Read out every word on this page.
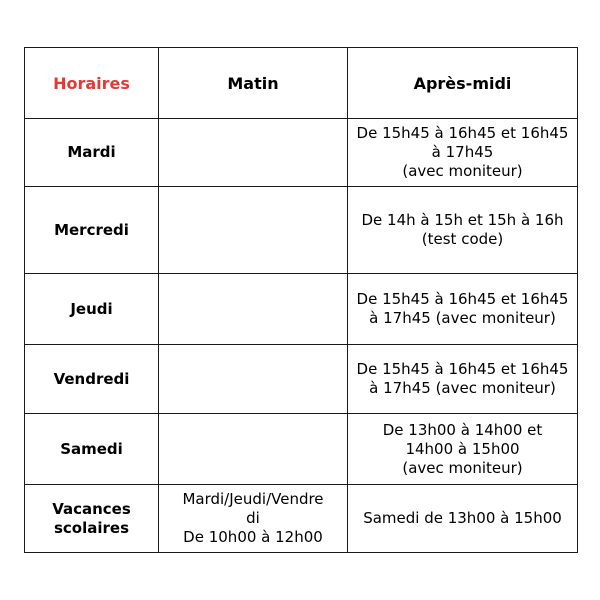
Horaires	Matin	Après-midi

Mardi		De 15h45 à 16h45 et 16h45
à 17h45
(avec moniteur)

Mercredi		De 14h à 15h et 15h à 16h
(test code)

Jeudi		De 15h45 à 16h45 et 16h45
à 17h45 (avec moniteur)

Vendredi		De 15h45 à 16h45 et 16h45
à 17h45 (avec moniteur)

Samedi		De 13h00 à 14h00 et
14h00 à 15h00
(avec moniteur)

Vacances
scolaires	Mardi/Jeudi/Vendre
di
De 10h00 à 12h00	Samedi de 13h00 à 15h00
